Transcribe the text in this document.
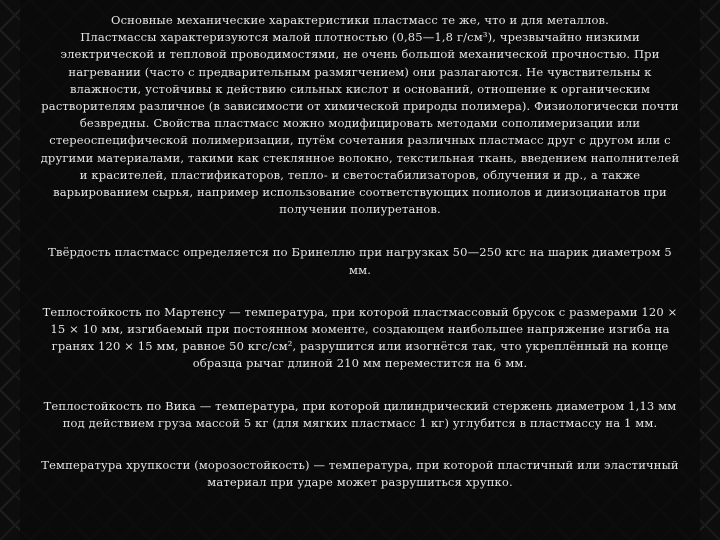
Основные механические характеристики пластмасс те же, что и для металлов.

Пластмассы характеризуются малой плотностью (0,85—1,8 г/см³), чрезвычайно низкими электрической и тепловой проводимостями, не очень большой механической прочностью. При нагревании (часто с предварительным размягчением) они разлагаются. Не чувствительны к влажности, устойчивы к действию сильных кислот и оснований, отношение к органическим растворителям различное (в зависимости от химической природы полимера). Физиологически почти безвредны. Свойства пластмасс можно модифицировать методами сополимеризации или стереоспецифической полимеризации, путём сочетания различных пластмасс друг с другом или с другими материалами, такими как стеклянное волокно, текстильная ткань, введением наполнителей и красителей, пластификаторов, тепло- и светостабилизаторов, облучения и др., а также варьированием сырья, например использование соответствующих полиолов и диизоцианатов при получении полиуретанов.

Твёрдость пластмасс определяется по Бринеллю при нагрузках 50—250 кгс на шарик диаметром 5 мм.

Теплостойкость по Мартенсу — температура, при которой пластмассовый брусок с размерами 120 × 15 × 10 мм, изгибаемый при постоянном моменте, создающем наибольшее напряжение изгиба на гранях 120 × 15 мм, равное 50 кгс/см², разрушится или изогнётся так, что укреплённый на конце образца рычаг длиной 210 мм переместится на 6 мм.

Теплостойкость по Вика — температура, при которой цилиндрический стержень диаметром 1,13 мм под действием груза массой 5 кг (для мягких пластмасс 1 кг) углубится в пластмассу на 1 мм.

Температура хрупкости (морозостойкость) — температура, при которой пластичный или эластичный материал при ударе может разрушиться хрупко.
